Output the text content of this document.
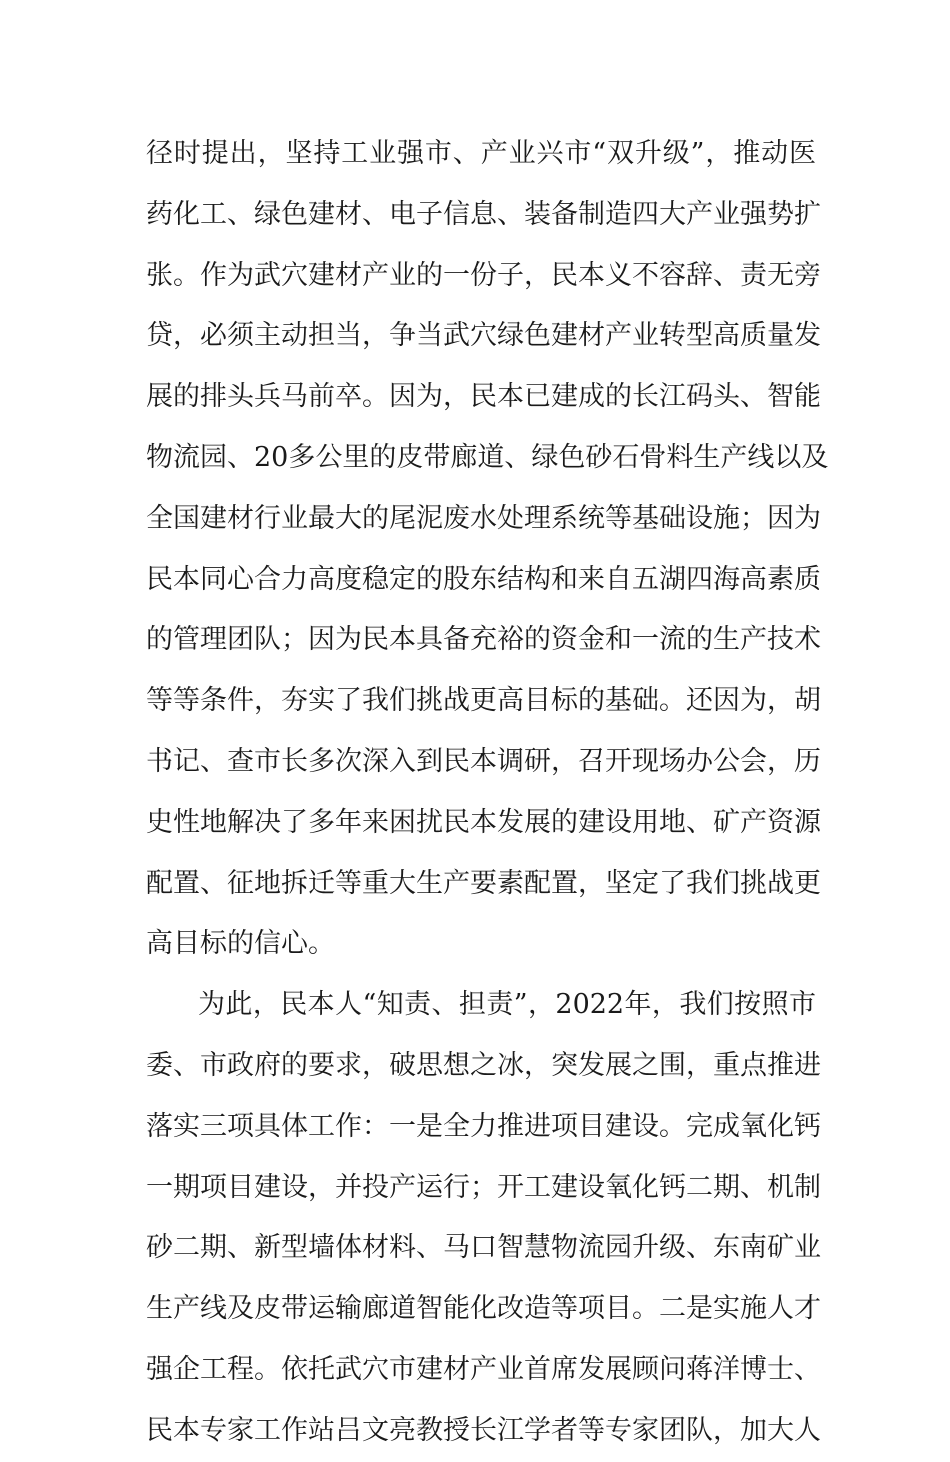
径时提出，坚持工业强市、产业兴市“双升级”，推动医
药化工、绿色建材、电子信息、装备制造四大产业强势扩
张。作为武穴建材产业的一份子，民本义不容辞、责无旁
贷，必须主动担当，争当武穴绿色建材产业转型高质量发
展的排头兵马前卒。因为，民本已建成的长江码头、智能
物流园、20多公里的皮带廊道、绿色砂石骨料生产线以及
全国建材行业最大的尾泥废水处理系统等基础设施；因为
民本同心合力高度稳定的股东结构和来自五湖四海高素质
的管理团队；因为民本具备充裕的资金和一流的生产技术
等等条件，夯实了我们挑战更高目标的基础。还因为，胡
书记、查市长多次深入到民本调研，召开现场办公会，历
史性地解决了多年来困扰民本发展的建设用地、矿产资源
配置、征地拆迁等重大生产要素配置，坚定了我们挑战更
高目标的信心。
为此，民本人“知责、担责”，2022年，我们按照市
委、市政府的要求，破思想之冰，突发展之围，重点推进
落实三项具体工作：一是全力推进项目建设。完成氧化钙
一期项目建设，并投产运行；开工建设氧化钙二期、机制
砂二期、新型墙体材料、马口智慧物流园升级、东南矿业
生产线及皮带运输廊道智能化改造等项目。二是实施人才
强企工程。依托武穴市建材产业首席发展顾问蒋洋博士、
民本专家工作站吕文亮教授长江学者等专家团队，加大人
